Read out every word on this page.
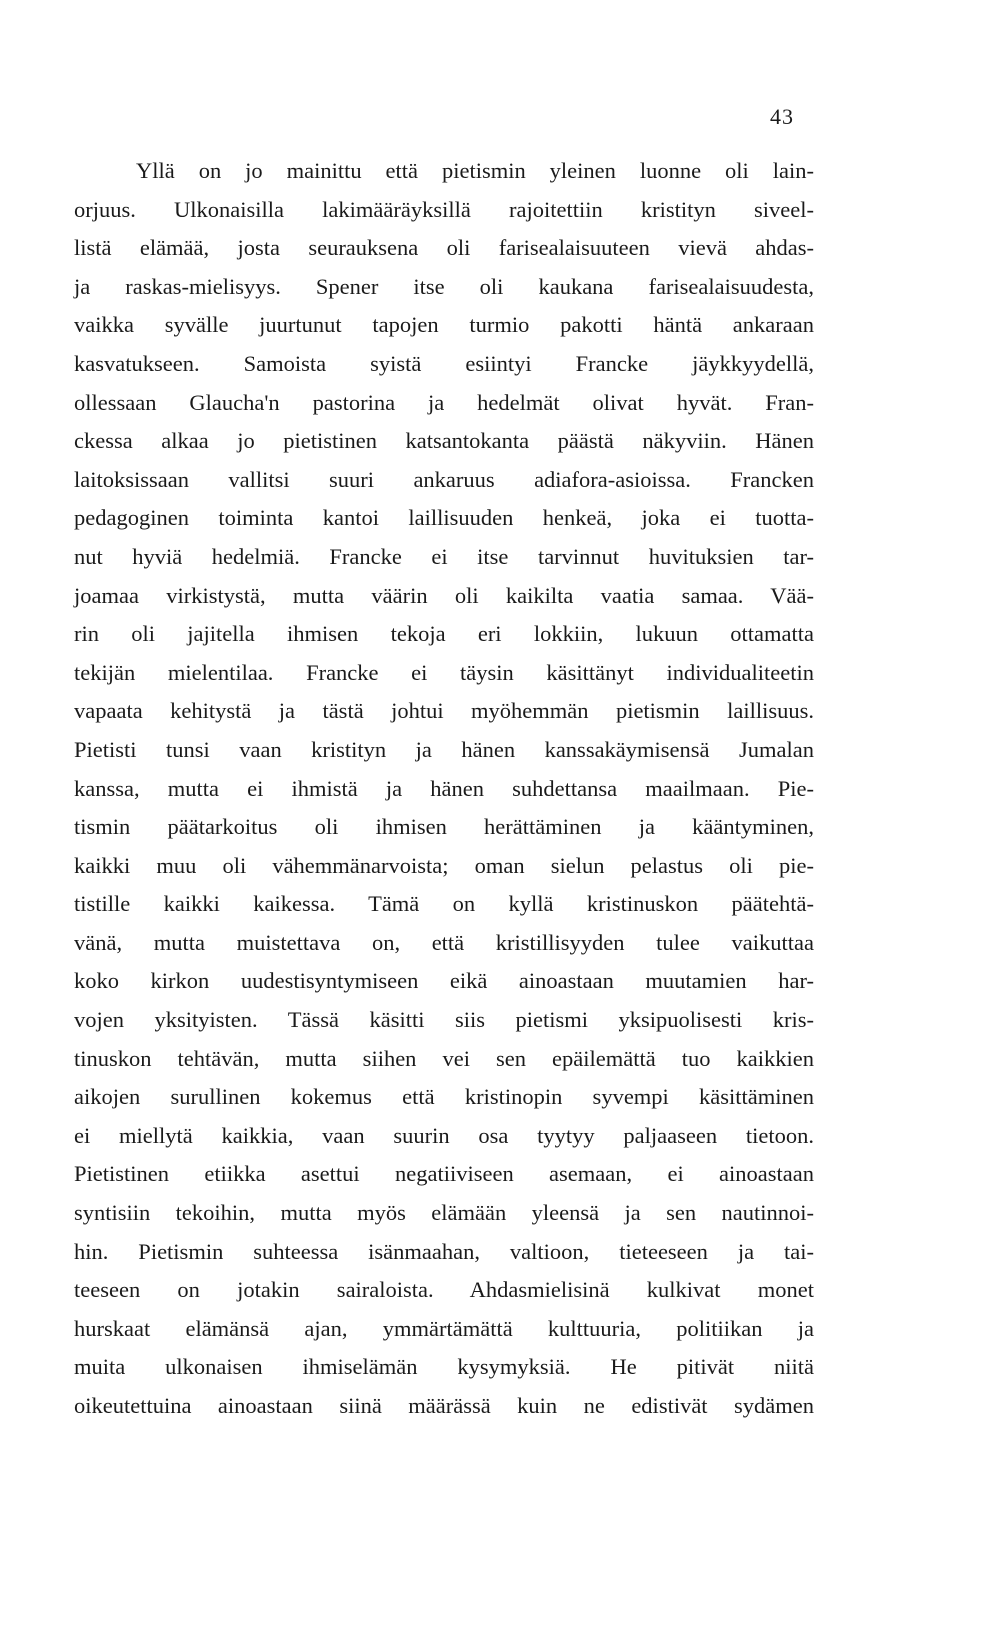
43
Yllä on jo mainittu että pietismin yleinen luonne oli lain-
orjuus. Ulkonaisilla lakimääräyksillä rajoitettiin kristityn siveel-
listä elämää, josta seurauksena oli farisealaisuuteen vievä ahdas-
ja raskas-mielisyys. Spener itse oli kaukana farisealaisuudesta,
vaikka syvälle juurtunut tapojen turmio pakotti häntä ankaraan
kasvatukseen. Samoista syistä esiintyi Francke jäykkyydellä,
ollessaan Glaucha'n pastorina ja hedelmät olivat hyvät. Fran-
ckessa alkaa jo pietistinen katsantokanta päästä näkyviin. Hänen
laitoksissaan vallitsi suuri ankaruus adiafora-asioissa. Francken
pedagoginen toiminta kantoi laillisuuden henkeä, joka ei tuotta-
nut hyviä hedelmiä. Francke ei itse tarvinnut huvituksien tar-
joamaa virkistystä, mutta väärin oli kaikilta vaatia samaa. Vää-
rin oli jajitella ihmisen tekoja eri lokkiin, lukuun ottamatta
tekijän mielentilaa. Francke ei täysin käsittänyt individualiteetin
vapaata kehitystä ja tästä johtui myöhemmän pietismin laillisuus.
Pietisti tunsi vaan kristityn ja hänen kanssakäymisensä Jumalan
kanssa, mutta ei ihmistä ja hänen suhdettansa maailmaan. Pie-
tismin päätarkoitus oli ihmisen herättäminen ja kääntyminen,
kaikki muu oli vähemmänarvoista; oman sielun pelastus oli pie-
tistille kaikki kaikessa. Tämä on kyllä kristinuskon päätehtä-
vänä, mutta muistettava on, että kristillisyyden tulee vaikuttaa
koko kirkon uudestisyntymiseen eikä ainoastaan muutamien har-
vojen yksityisten. Tässä käsitti siis pietismi yksipuolisesti kris-
tinuskon tehtävän, mutta siihen vei sen epäilemättä tuo kaikkien
aikojen surullinen kokemus että kristinopin syvempi käsittäminen
ei miellytä kaikkia, vaan suurin osa tyytyy paljaaseen tietoon.
Pietistinen etiikka asettui negatiiviseen asemaan, ei ainoastaan
syntisiin tekoihin, mutta myös elämään yleensä ja sen nautinnoi-
hin. Pietismin suhteessa isänmaahan, valtioon, tieteeseen ja tai-
teeseen on jotakin sairaloista. Ahdasmielisinä kulkivat monet
hurskaat elämänsä ajan, ymmärtämättä kulttuuria, politiikan ja
muita ulkonaisen ihmiselämän kysymyksiä. He pitivät niitä
oikeutettuina ainoastaan siinä määrässä kuin ne edistivät sydämen
